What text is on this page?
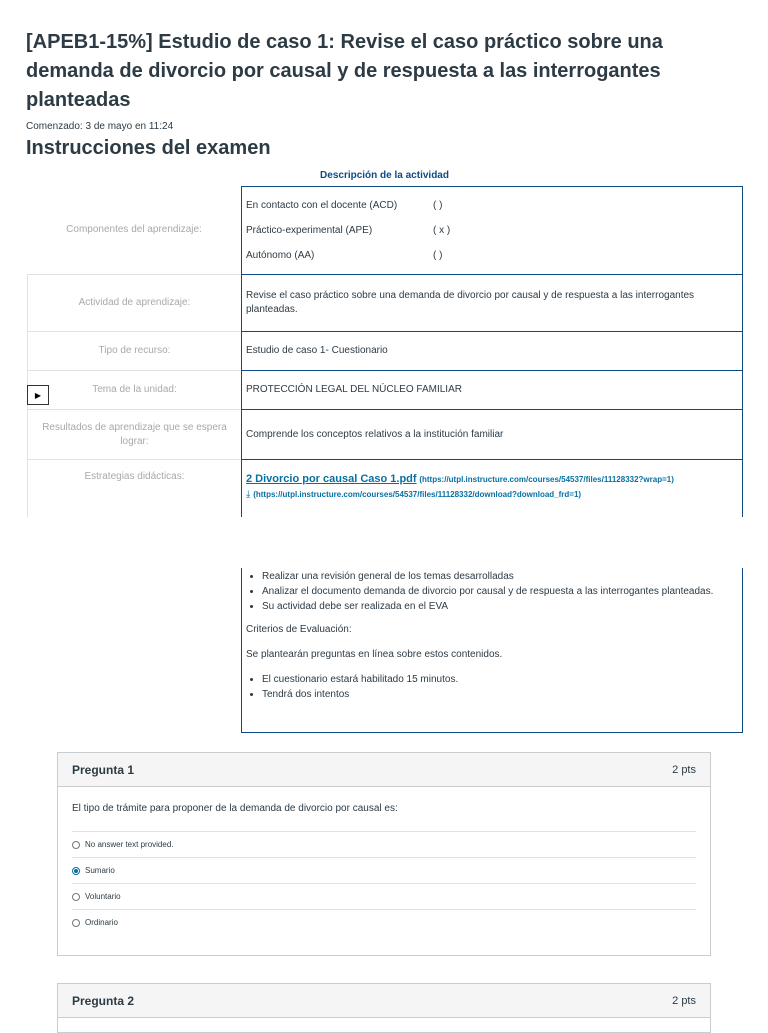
[APEB1-15%] Estudio de caso 1: Revise el caso práctico sobre una demanda de divorcio por causal y de respuesta a las interrogantes planteadas
Comenzado: 3 de mayo en 11:24
Instrucciones del examen
Descripción de la actividad
Componentes del aprendizaje:
En contacto con el docente (ACD)	( )
Práctico-experimental (APE)	( x )
Autónomo (AA)	( )
Actividad de aprendizaje:
Revise el caso práctico sobre una demanda de divorcio por causal y de respuesta a las interrogantes planteadas.
Tipo de recurso:	Estudio de caso 1- Cuestionario
Tema de la unidad:	PROTECCIÓN LEGAL DEL NÚCLEO FAMILIAR
Resultados de aprendizaje que se espera lograr:
Comprende los conceptos relativos a la institución familiar
Estrategias didácticas:	2 Divorcio por causal Caso 1.pdf (https://utpl.instructure.com/courses/54537/files/11128332?wrap=1)
⤓ (https://utpl.instructure.com/courses/54537/files/11128332/download?download_frd=1)
▶
• Realizar una revisión general de los temas desarrolladas
• Analizar el documento demanda de divorcio por causal y de respuesta a las interrogantes planteadas.
• Su actividad debe ser realizada en el EVA

Criterios de Evaluación:

Se plantearán preguntas en línea sobre estos contenidos.

• El cuestionario estará habilitado 15 minutos.
• Tendrá dos intentos
Pregunta 1	2 pts
El tipo de trámite para proponer de la demanda de divorcio por causal es:
No answer text provided.
Sumario
Voluntario
Ordinario
Pregunta 2	2 pts
